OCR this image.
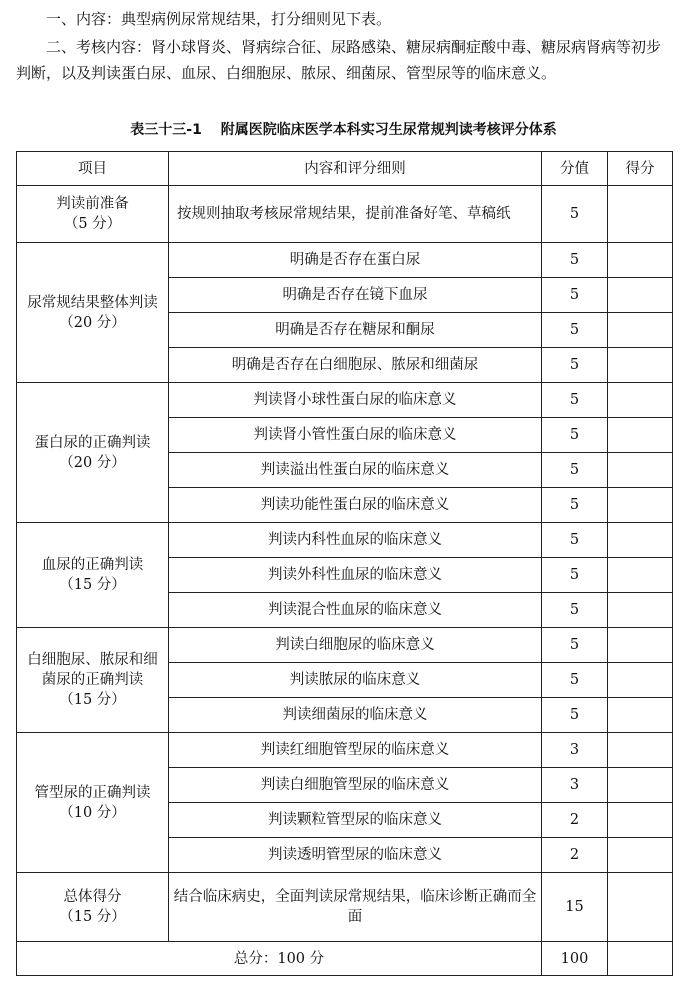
一、内容：典型病例尿常规结果，打分细则见下表。

二、考核内容：肾小球肾炎、肾病综合征、尿路感染、糖尿病酮症酸中毒、糖尿病肾病等初步判断，以及判读蛋白尿、血尿、白细胞尿、脓尿、细菌尿、管型尿等的临床意义。

表三十三-1　 附属医院临床医学本科实习生尿常规判读考核评分体系
项目	内容和评分细则	分值	得分

判读前准备
（5 分）	按规则抽取考核尿常规结果，提前准备好笔、草稿纸	5	

尿常规结果整体判读
（20 分）	明确是否存在蛋白尿	5	
	明确是否存在镜下血尿	5	
	明确是否存在糖尿和酮尿	5	
	明确是否存在白细胞尿、脓尿和细菌尿	5	

蛋白尿的正确判读
（20 分）	判读肾小球性蛋白尿的临床意义	5	
	判读肾小管性蛋白尿的临床意义	5	
	判读溢出性蛋白尿的临床意义	5	
	判读功能性蛋白尿的临床意义	5	

血尿的正确判读
（15 分）	判读内科性血尿的临床意义	5	
	判读外科性血尿的临床意义	5	
	判读混合性血尿的临床意义	5	

白细胞尿、脓尿和细
菌尿的正确判读
（15 分）	判读白细胞尿的临床意义	5	
	判读脓尿的临床意义	5	
	判读细菌尿的临床意义	5	

管型尿的正确判读
（10 分）	判读红细胞管型尿的临床意义	3	
	判读白细胞管型尿的临床意义	3	
	判读颗粒管型尿的临床意义	2	
	判读透明管型尿的临床意义	2	

总体得分
（15 分）	结合临床病史，全面判读尿常规结果，临床诊断正确而全面	15	
总分：100 分		100	
